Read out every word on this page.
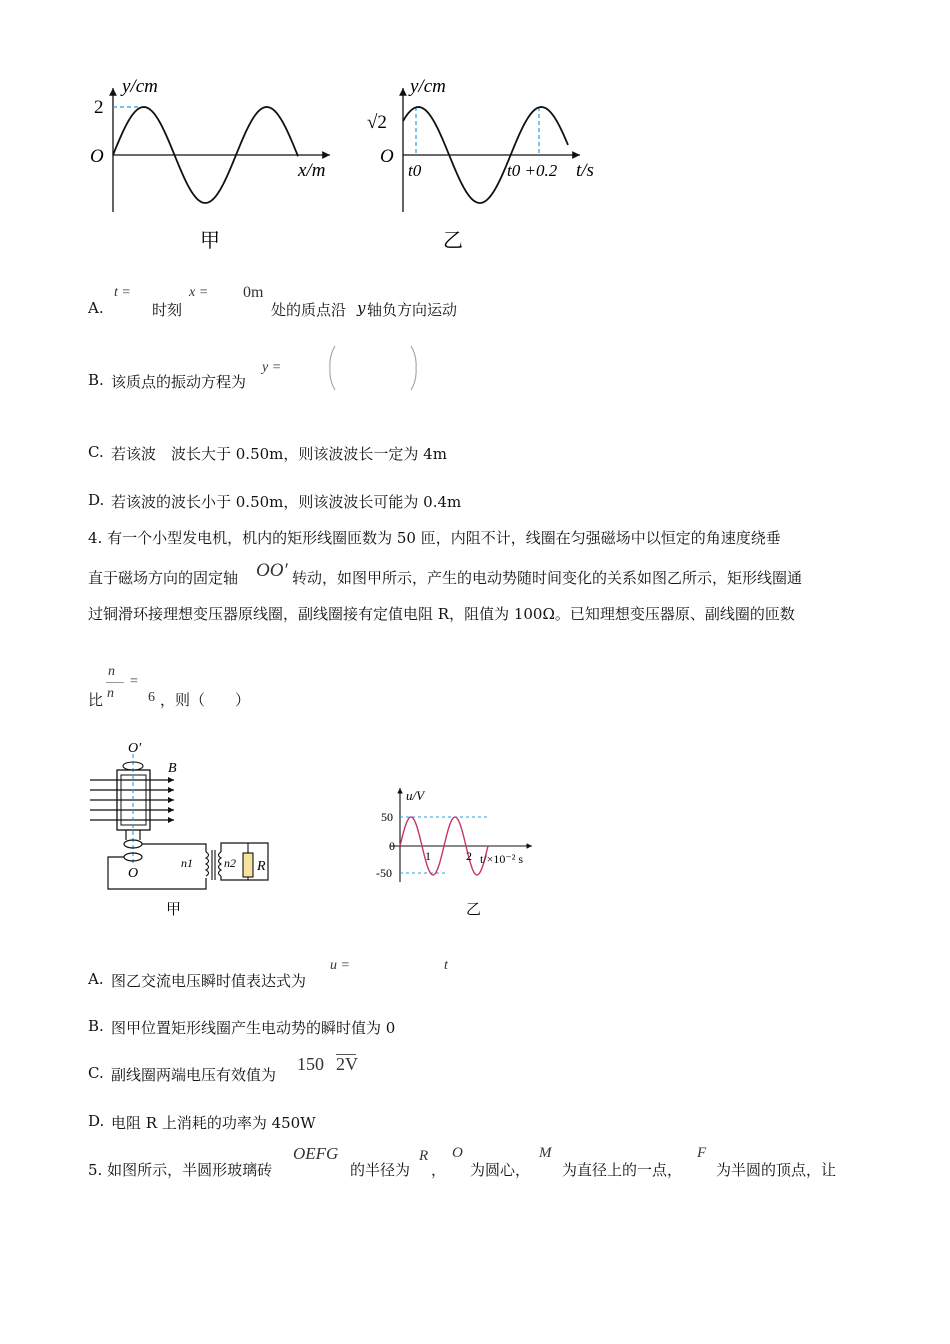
y/cm
x/m
O
2
甲
y/cm
t/s
O
√2
t0	t0 +0.2
乙
A.
t =
时刻
x = 0m
处的质点沿 y 轴负方向运动
B. 该质点的振动方程为
y =
C. 若该波　波长大于 0.50m，则该波波长一定为 4m
D. 若该波的波长小于 0.50m，则该波波长可能为 0.4m
4. 有一个小型发电机，机内的矩形线圈匝数为 50 匝，内阻不计，线圈在匀强磁场中以恒定的角速度绕垂
直于磁场方向的固定轴 OO′ 转动，如图甲所示，产生的电动势随时间变化的关系如图乙所示，矩形线圈通
过铜滑环接理想变压器原线圈，副线圈接有定值电阻 R，阻值为 100Ω。已知理想变压器原、副线圈的匝数
比
n
n
=
6 ，则（　　）
O′
B
O
n1	n2 R
甲
u/V
t/×10⁻² s
50
0
-50
1	2
乙
A. 图乙交流电压瞬时值表达式为
u =	t
B. 图甲位置矩形线圈产生电动势的瞬时值为 0
C. 副线圈两端电压有效值为
150 2V
D. 电阻 R 上消耗的功率为 450W
5. 如图所示，半圆形玻璃砖
OEFG
的半径为
R
，
O
为圆心，
M
为直径上的一点，
F
为半圆的顶点，让
